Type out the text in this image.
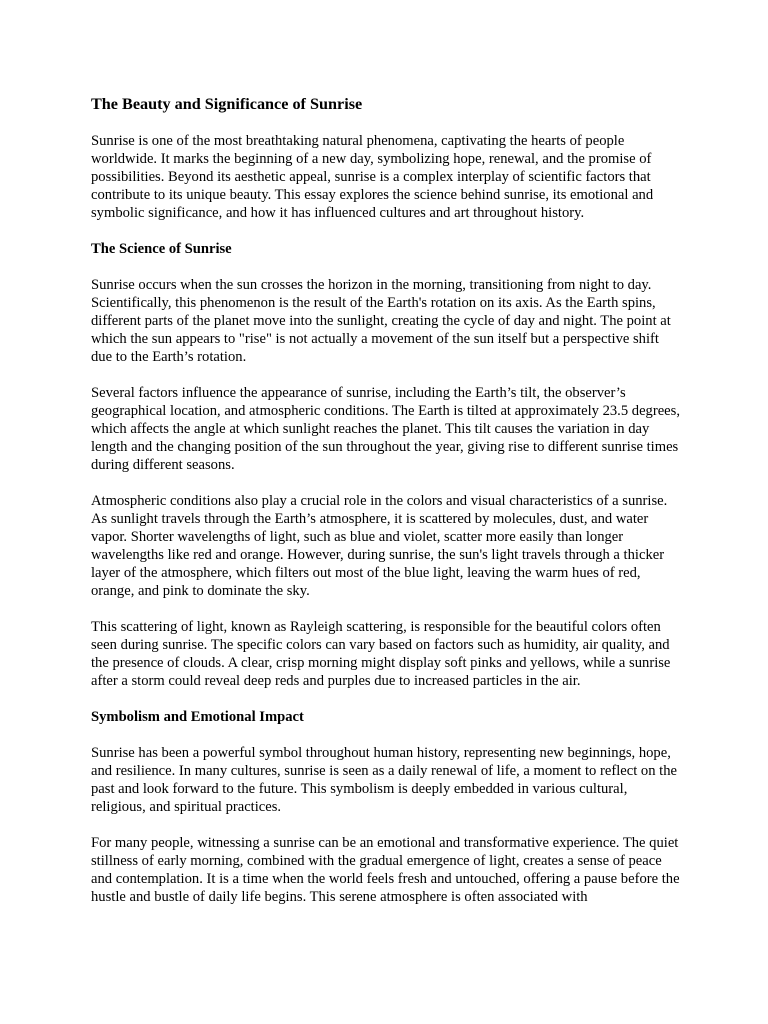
The Beauty and Significance of Sunrise

Sunrise is one of the most breathtaking natural phenomena, captivating the hearts of people worldwide. It marks the beginning of a new day, symbolizing hope, renewal, and the promise of possibilities. Beyond its aesthetic appeal, sunrise is a complex interplay of scientific factors that contribute to its unique beauty. This essay explores the science behind sunrise, its emotional and symbolic significance, and how it has influenced cultures and art throughout history.

The Science of Sunrise

Sunrise occurs when the sun crosses the horizon in the morning, transitioning from night to day. Scientifically, this phenomenon is the result of the Earth's rotation on its axis. As the Earth spins, different parts of the planet move into the sunlight, creating the cycle of day and night. The point at which the sun appears to "rise" is not actually a movement of the sun itself but a perspective shift due to the Earth’s rotation.

Several factors influence the appearance of sunrise, including the Earth’s tilt, the observer’s geographical location, and atmospheric conditions. The Earth is tilted at approximately 23.5 degrees, which affects the angle at which sunlight reaches the planet. This tilt causes the variation in day length and the changing position of the sun throughout the year, giving rise to different sunrise times during different seasons.

Atmospheric conditions also play a crucial role in the colors and visual characteristics of a sunrise. As sunlight travels through the Earth’s atmosphere, it is scattered by molecules, dust, and water vapor. Shorter wavelengths of light, such as blue and violet, scatter more easily than longer wavelengths like red and orange. However, during sunrise, the sun's light travels through a thicker layer of the atmosphere, which filters out most of the blue light, leaving the warm hues of red, orange, and pink to dominate the sky.

This scattering of light, known as Rayleigh scattering, is responsible for the beautiful colors often seen during sunrise. The specific colors can vary based on factors such as humidity, air quality, and the presence of clouds. A clear, crisp morning might display soft pinks and yellows, while a sunrise after a storm could reveal deep reds and purples due to increased particles in the air.

Symbolism and Emotional Impact

Sunrise has been a powerful symbol throughout human history, representing new beginnings, hope, and resilience. In many cultures, sunrise is seen as a daily renewal of life, a moment to reflect on the past and look forward to the future. This symbolism is deeply embedded in various cultural, religious, and spiritual practices.

For many people, witnessing a sunrise can be an emotional and transformative experience. The quiet stillness of early morning, combined with the gradual emergence of light, creates a sense of peace and contemplation. It is a time when the world feels fresh and untouched, offering a pause before the hustle and bustle of daily life begins. This serene atmosphere is often associated with
